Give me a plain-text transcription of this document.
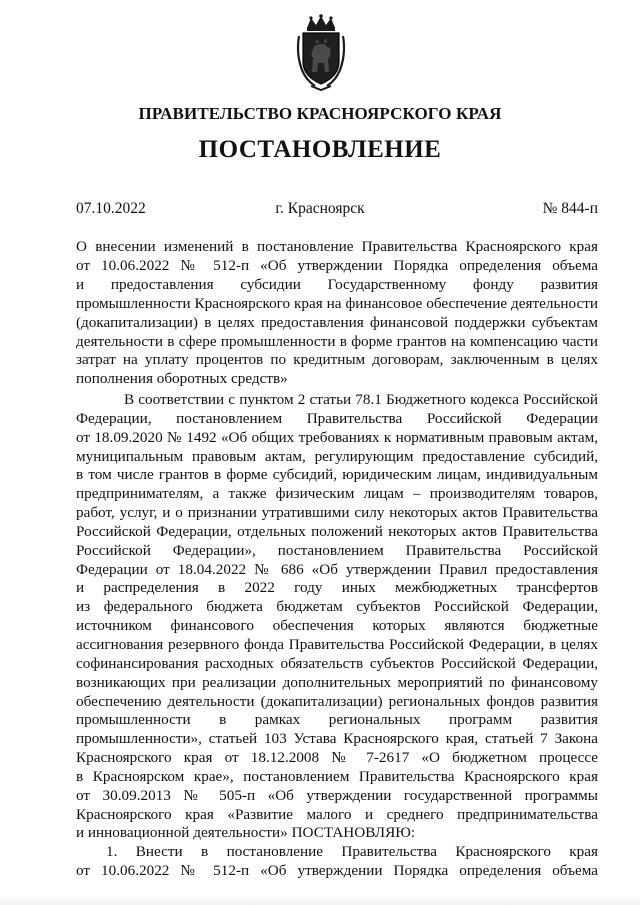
ПРАВИТЕЛЬСТВО КРАСНОЯРСКОГО КРАЯ
ПОСТАНОВЛЕНИЕ
07.10.2022	г. Красноярск	№ 844-п
О внесении изменений в постановление Правительства Красноярского края
от 10.06.2022 № 512-п «Об утверждении Порядка определения объема
и предоставления субсидии Государственному фонду развития
промышленности Красноярского края на финансовое обеспечение деятельности
(докапитализации) в целях предоставления финансовой поддержки субъектам
деятельности в сфере промышленности в форме грантов на компенсацию части
затрат на уплату процентов по кредитным договорам, заключенным в целях
пополнения оборотных средств»
В соответствии с пунктом 2 статьи 78.1 Бюджетного кодекса Российской
Федерации, постановлением Правительства Российской Федерации
от 18.09.2020 № 1492 «Об общих требованиях к нормативным правовым актам,
муниципальным правовым актам, регулирующим предоставление субсидий,
в том числе грантов в форме субсидий, юридическим лицам, индивидуальным
предпринимателям, а также физическим лицам – производителям товаров,
работ, услуг, и о признании утратившими силу некоторых актов Правительства
Российской Федерации, отдельных положений некоторых актов Правительства
Российской Федерации», постановлением Правительства Российской
Федерации от 18.04.2022 № 686 «Об утверждении Правил предоставления
и распределения в 2022 году иных межбюджетных трансфертов
из федерального бюджета бюджетам субъектов Российской Федерации,
источником финансового обеспечения которых являются бюджетные
ассигнования резервного фонда Правительства Российской Федерации, в целях
софинансирования расходных обязательств субъектов Российской Федерации,
возникающих при реализации дополнительных мероприятий по финансовому
обеспечению деятельности (докапитализации) региональных фондов развития
промышленности в рамках региональных программ развития
промышленности», статьей 103 Устава Красноярского края, статьей 7 Закона
Красноярского края от 18.12.2008 № 7-2617 «О бюджетном процессе
в Красноярском крае», постановлением Правительства Красноярского края
от 30.09.2013 № 505-п «Об утверждении государственной программы
Красноярского края «Развитие малого и среднего предпринимательства
и инновационной деятельности» ПОСТАНОВЛЯЮ:
1. Внести в постановление Правительства Красноярского края
от 10.06.2022 № 512-п «Об утверждении Порядка определения объема
